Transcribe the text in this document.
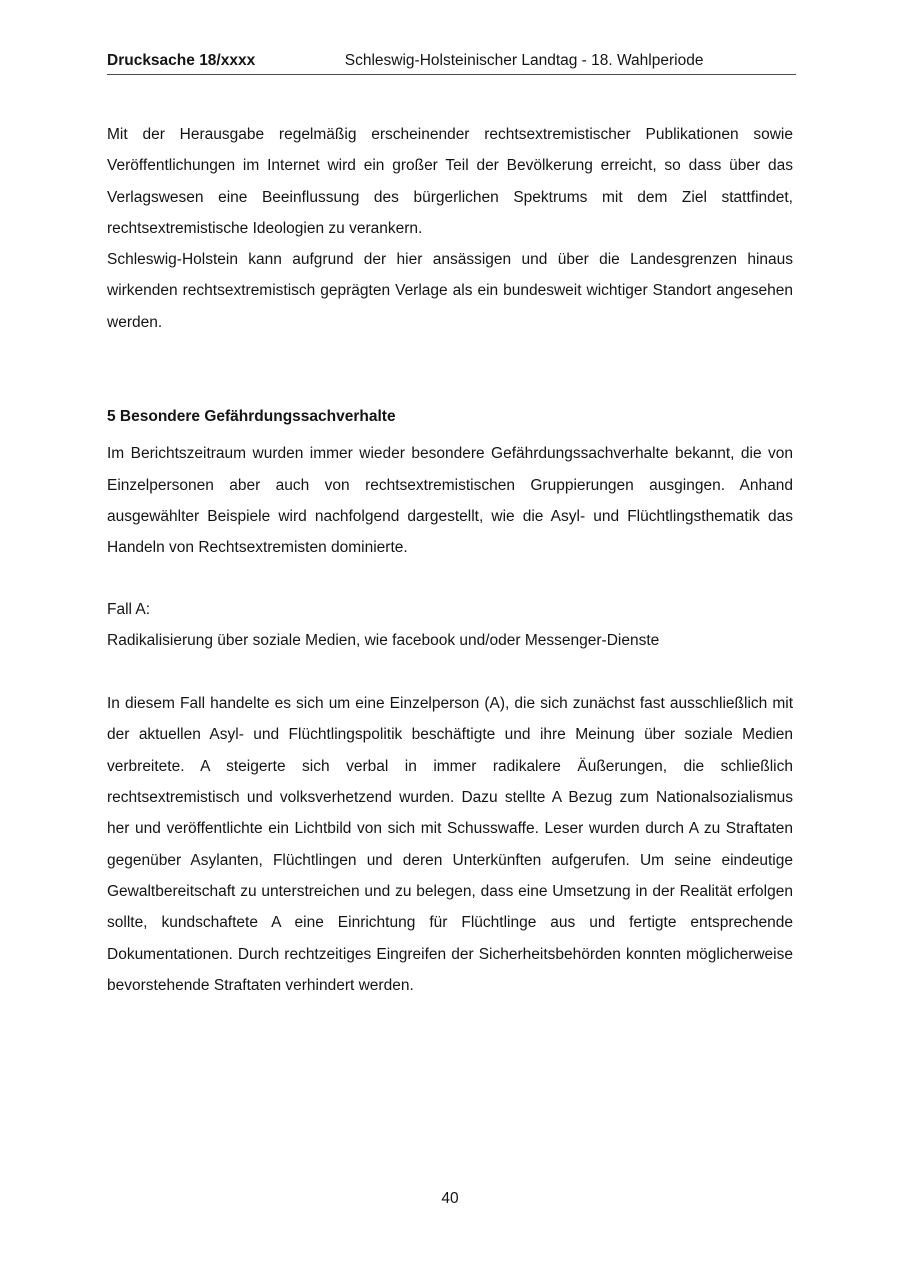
Drucksache 18/xxxx	Schleswig-Holsteinischer Landtag - 18. Wahlperiode

Mit der Herausgabe regelmäßig erscheinender rechtsextremistischer Publikationen sowie Veröffentlichungen im Internet wird ein großer Teil der Bevölkerung erreicht, so dass über das Verlagswesen eine Beeinflussung des bürgerlichen Spektrums mit dem Ziel stattfindet, rechtsextremistische Ideologien zu verankern.

Schleswig-Holstein kann aufgrund der hier ansässigen und über die Landesgrenzen hinaus wirkenden rechtsextremistisch geprägten Verlage als ein bundesweit wichtiger Standort angesehen werden.

5 Besondere Gefährdungssachverhalte

Im Berichtszeitraum wurden immer wieder besondere Gefährdungssachverhalte bekannt, die von Einzelpersonen aber auch von rechtsextremistischen Gruppierungen ausgingen. Anhand ausgewählter Beispiele wird nachfolgend dargestellt, wie die Asyl- und Flüchtlingsthematik das Handeln von Rechtsextremisten dominierte.

Fall A:

Radikalisierung über soziale Medien, wie facebook und/oder Messenger-Dienste

In diesem Fall handelte es sich um eine Einzelperson (A), die sich zunächst fast ausschließlich mit der aktuellen Asyl- und Flüchtlingspolitik beschäftigte und ihre Meinung über soziale Medien verbreitete. A steigerte sich verbal in immer radikalere Äußerungen, die schließlich rechtsextremistisch und volksverhetzend wurden. Dazu stellte A Bezug zum Nationalsozialismus her und veröffentlichte ein Lichtbild von sich mit Schusswaffe. Leser wurden durch A zu Straftaten gegenüber Asylanten, Flüchtlingen und deren Unterkünften aufgerufen. Um seine eindeutige Gewaltbereitschaft zu unterstreichen und zu belegen, dass eine Umsetzung in der Realität erfolgen sollte, kundschaftete A eine Einrichtung für Flüchtlinge aus und fertigte entsprechende Dokumentationen. Durch rechtzeitiges Eingreifen der Sicherheitsbehörden konnten möglicherweise bevorstehende Straftaten verhindert werden.

40
